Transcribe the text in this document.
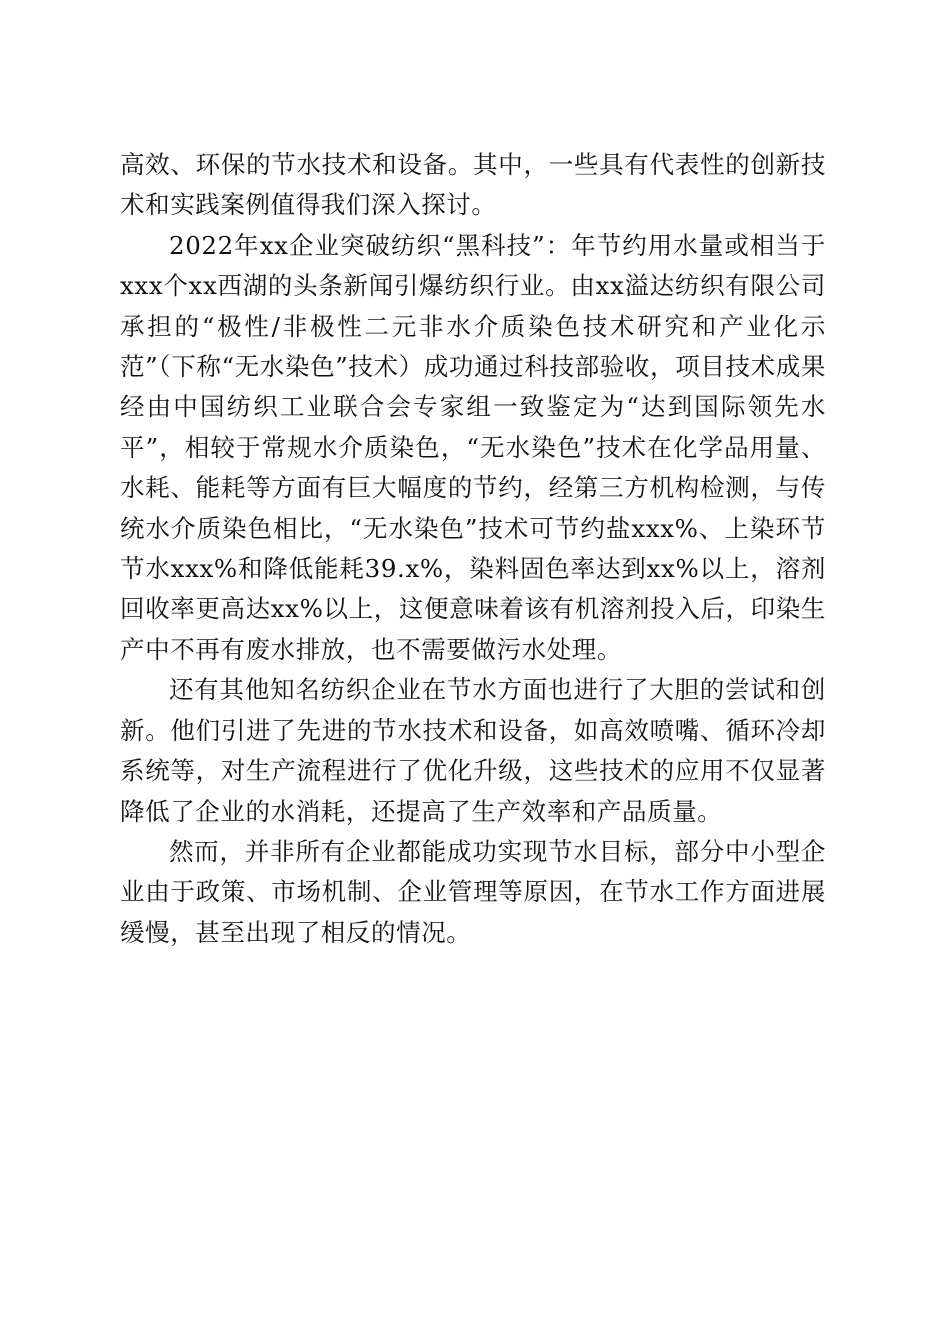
高效、环保的节水技术和设备。其中，一些具有代表性的创新技术和实践案例值得我们深入探讨。

2022年xx企业突破纺织“黑科技”：年节约用水量或相当于xxx个xx西湖的头条新闻引爆纺织行业。由xx溢达纺织有限公司承担的“极性/非极性二元非水介质染色技术研究和产业化示范”（下称“无水染色”技术）成功通过科技部验收，项目技术成果经由中国纺织工业联合会专家组一致鉴定为“达到国际领先水平”，相较于常规水介质染色，“无水染色”技术在化学品用量、水耗、能耗等方面有巨大幅度的节约，经第三方机构检测，与传统水介质染色相比，“无水染色”技术可节约盐xxx%、上染环节节水xxx%和降低能耗39.x%，染料固色率达到xx%以上，溶剂回收率更高达xx%以上，这便意味着该有机溶剂投入后，印染生产中不再有废水排放，也不需要做污水处理。

还有其他知名纺织企业在节水方面也进行了大胆的尝试和创新。他们引进了先进的节水技术和设备，如高效喷嘴、循环冷却系统等，对生产流程进行了优化升级，这些技术的应用不仅显著降低了企业的水消耗，还提高了生产效率和产品质量。

然而，并非所有企业都能成功实现节水目标，部分中小型企业由于政策、市场机制、企业管理等原因，在节水工作方面进展缓慢，甚至出现了相反的情况。
